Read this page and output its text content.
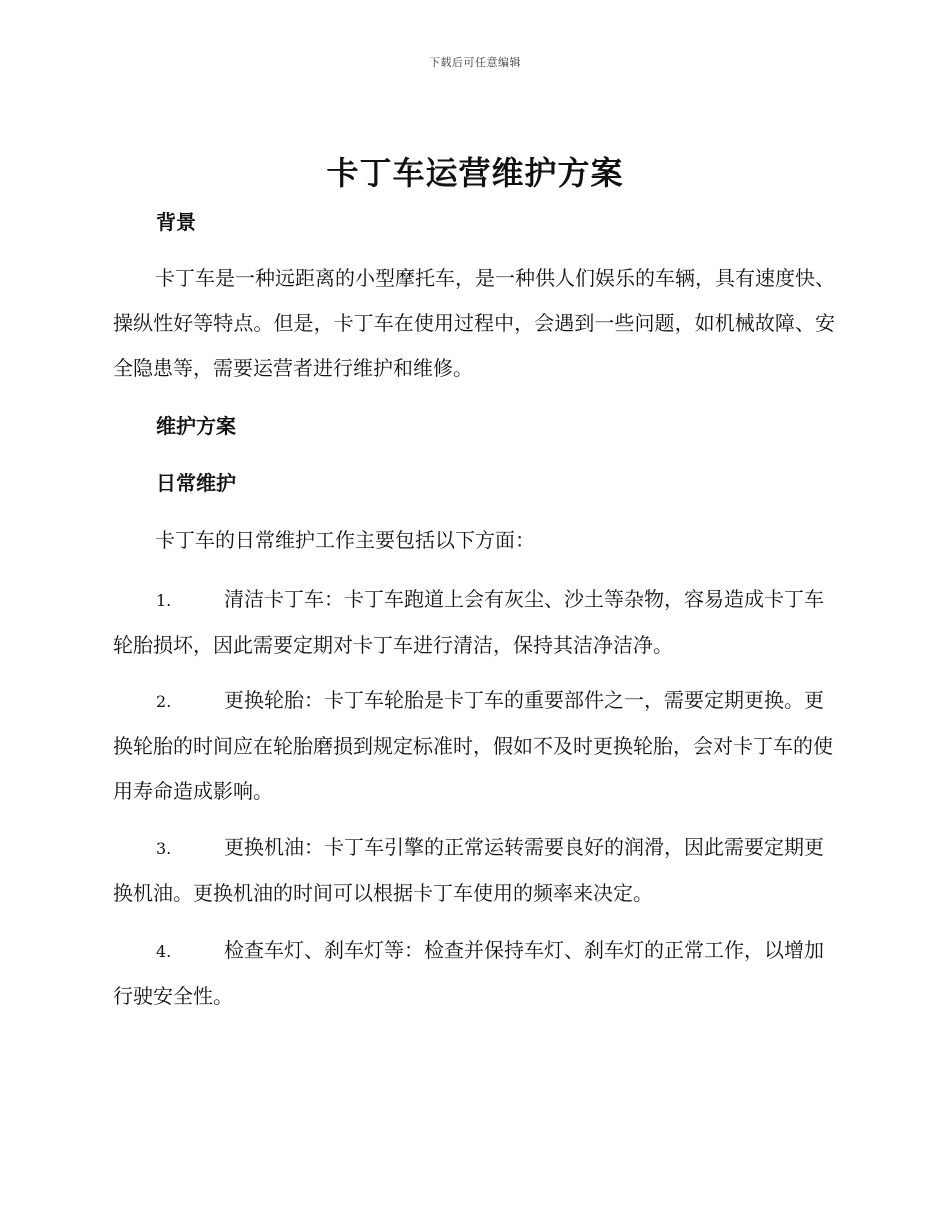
下载后可任意编辑
卡丁车运营维护方案
背景

卡丁车是一种远距离的小型摩托车，是一种供人们娱乐的车辆，具有速度快、操纵性好等特点。但是，卡丁车在使用过程中，会遇到一些问题，如机械故障、安全隐患等，需要运营者进行维护和维修。

维护方案
日常维护

卡丁车的日常维护工作主要包括以下方面：

1.	清洁卡丁车：卡丁车跑道上会有灰尘、沙土等杂物，容易造成卡丁车轮胎损坏，因此需要定期对卡丁车进行清洁，保持其洁净洁净。

2.	更换轮胎：卡丁车轮胎是卡丁车的重要部件之一，需要定期更换。更换轮胎的时间应在轮胎磨损到规定标准时，假如不及时更换轮胎，会对卡丁车的使用寿命造成影响。

3.	更换机油：卡丁车引擎的正常运转需要良好的润滑，因此需要定期更换机油。更换机油的时间可以根据卡丁车使用的频率来决定。

4.	检查车灯、刹车灯等：检查并保持车灯、刹车灯的正常工作，以增加行驶安全性。
